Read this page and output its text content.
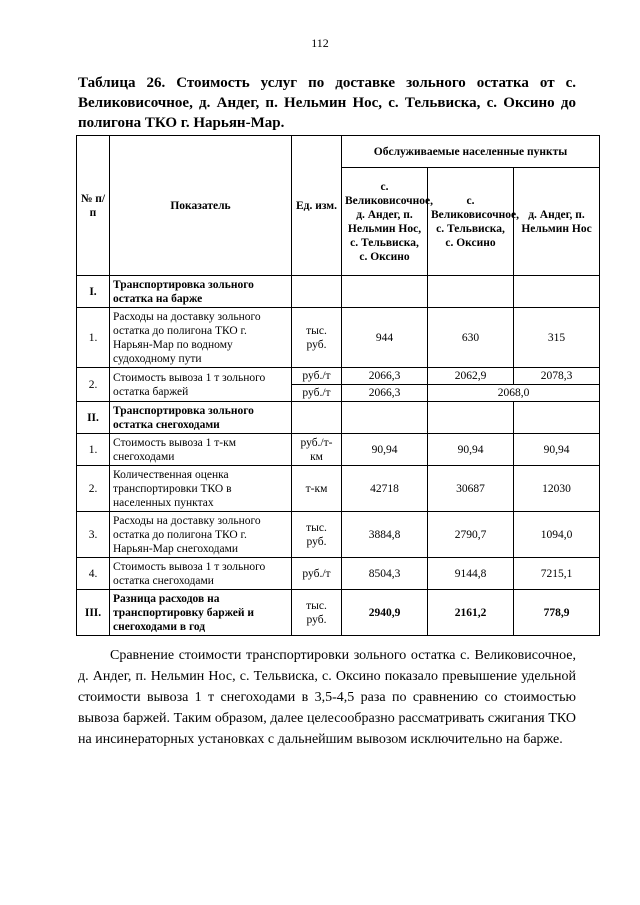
112
Таблица 26. Стоимость услуг по доставке зольного остатка от с. Великовисочное, д. Андег, п. Нельмин Нос, с. Тельвиска, с. Оксино до полигона ТКО г. Нарьян-Мар.
№ п/п	Показатель	Ед. изм.	Обслуживаемые населенные пункты		
			с. Великовисочное, д. Андег, п. Нельмин Нос, с. Тельвиска, с. Оксино	с. Великовисочное, с. Тельвиска, с. Оксино	д. Андег, п. Нельмин Нос
I.	Транспортировка зольного остатка на барже				
1.	Расходы на доставку зольного остатка до полигона ТКО г. Нарьян-Мар по водному судоходному пути	тыс. руб.	944	630	315
2.	Стоимость вывоза 1 т зольного остатка баржей	руб./т	2066,3	2062,9	2078,3
		руб./т	2066,3	2068,0	
II.	Транспортировка зольного остатка снегоходами				
1.	Стоимость вывоза 1 т-км снегоходами	руб./т-км	90,94	90,94	90,94
2.	Количественная оценка транспортировки ТКО в населенных пунктах	т-км	42718	30687	12030
3.	Расходы на доставку зольного остатка до полигона ТКО г. Нарьян-Мар снегоходами	тыс. руб.	3884,8	2790,7	1094,0
4.	Стоимость вывоза 1 т зольного остатка снегоходами	руб./т	8504,3	9144,8	7215,1
III.	Разница расходов на транспортировку баржей и снегоходами в год	тыс. руб.	2940,9	2161,2	778,9
Сравнение стоимости транспортировки зольного остатка с. Великовисочное, д. Андег, п. Нельмин Нос, с. Тельвиска, с. Оксино показало превышение удельной стоимости вывоза 1 т снегоходами в 3,5-4,5 раза по сравнению со стоимостью вывоза баржей. Таким образом, далее целесообразно рассматривать сжигания ТКО на инсинераторных установках с дальнейшим вывозом исключительно на барже.
